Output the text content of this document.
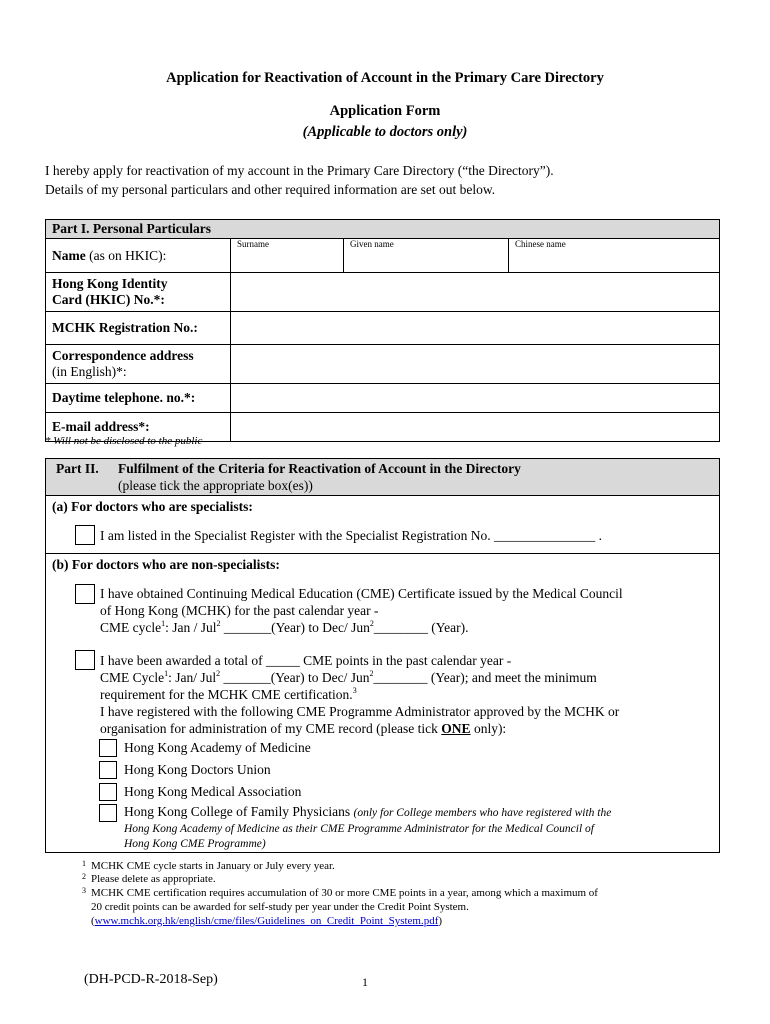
Application for Reactivation of Account in the Primary Care Directory
Application Form
(Applicable to doctors only)
I hereby apply for reactivation of my account in the Primary Care Directory (“the Directory”).
Details of my personal particulars and other required information are set out below.
Part I. Personal Particulars			
Name (as on HKIC):	Surname	Given name	Chinese name

Hong Kong Identity
Card (HKIC) No.*:			

MCHK Registration No.:			

Correspondence address
(in English)*:			

Daytime telephone. no.*:			
E-mail address*:			
* Will not be disclosed to the public
Part II. Fulfilment of the Criteria for Reactivation of Account in the Directory
(please tick the appropriate box(es))
(a) For doctors who are specialists:
I am listed in the Specialist Register with the Specialist Registration No. _______________ .
(b) For doctors who are non-specialists:
I have obtained Continuing Medical Education (CME) Certificate issued by the Medical Council
of Hong Kong (MCHK) for the past calendar year -
CME cycle$^1$: Jan / Jul$^2$ _______(Year) to Dec/ Jun$^2$________ (Year).
I have been awarded a total of _____ CME points in the past calendar year -
CME Cycle$^1$: Jan/ Jul$^2$ _______(Year) to Dec/ Jun$^2$________ (Year); and meet the minimum
requirement for the MCHK CME certification.$^3$
I have registered with the following CME Programme Administrator approved by the MCHK or
organisation for administration of my CME record (please tick ONE only):
Hong Kong Academy of Medicine
Hong Kong Doctors Union
Hong Kong Medical Association
Hong Kong College of Family Physicians (only for College members who have registered with the
Hong Kong Academy of Medicine as their CME Programme Administrator for the Medical Council of
Hong Kong CME Programme)
1 MCHK CME cycle starts in January or July every year.
2 Please delete as appropriate.
3 MCHK CME certification requires accumulation of 30 or more CME points in a year, among which a maximum of
20 credit points can be awarded for self-study per year under the Credit Point System.
(www.mchk.org.hk/english/cme/files/Guidelines_on_Credit_Point_System.pdf)
(DH-PCD-R-2018-Sep)	1
